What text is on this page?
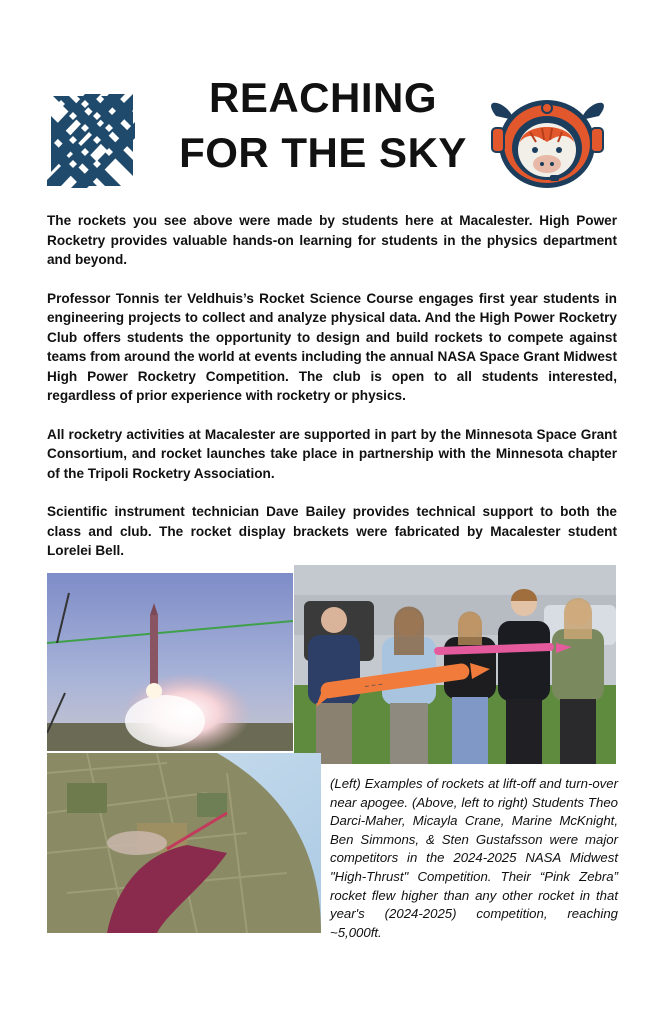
REACHING
FOR THE SKY

The rockets you see above were made by students here at Macalester. High Power Rocketry provides valuable hands-on learning for students in the physics department and beyond.

Professor Tonnis ter Veldhuis’s Rocket Science Course engages first year students in engineering projects to collect and analyze physical data. And the High Power Rocketry Club offers students the opportunity to design and build rockets to compete against teams from around the world at events including the annual NASA Space Grant Midwest High Power Rocketry Competition. The club is open to all students interested, regardless of prior experience with rocketry or physics.

All rocketry activities at Macalester are supported in part by the Minnesota Space Grant Consortium, and rocket launches take place in partnership with the Minnesota chapter of the Tripoli Rocketry Association.

Scientific instrument technician Dave Bailey provides technical support to both the class and club. The rocket display brackets were fabricated by Macalester student Lorelei Bell.

~ ~ ~
(Left) Examples of rockets at lift-off and turn-over near apogee. (Above, left to right) Students Theo Darci-Maher, Micayla Crane, Marine McKnight, Ben Simmons, & Sten Gustafsson were major competitors in the 2024-2025 NASA Midwest "High-Thrust" Competition. Their “Pink Zebra” rocket flew higher than any other rocket in that year's (2024-2025) competition, reaching ~5,000ft.
